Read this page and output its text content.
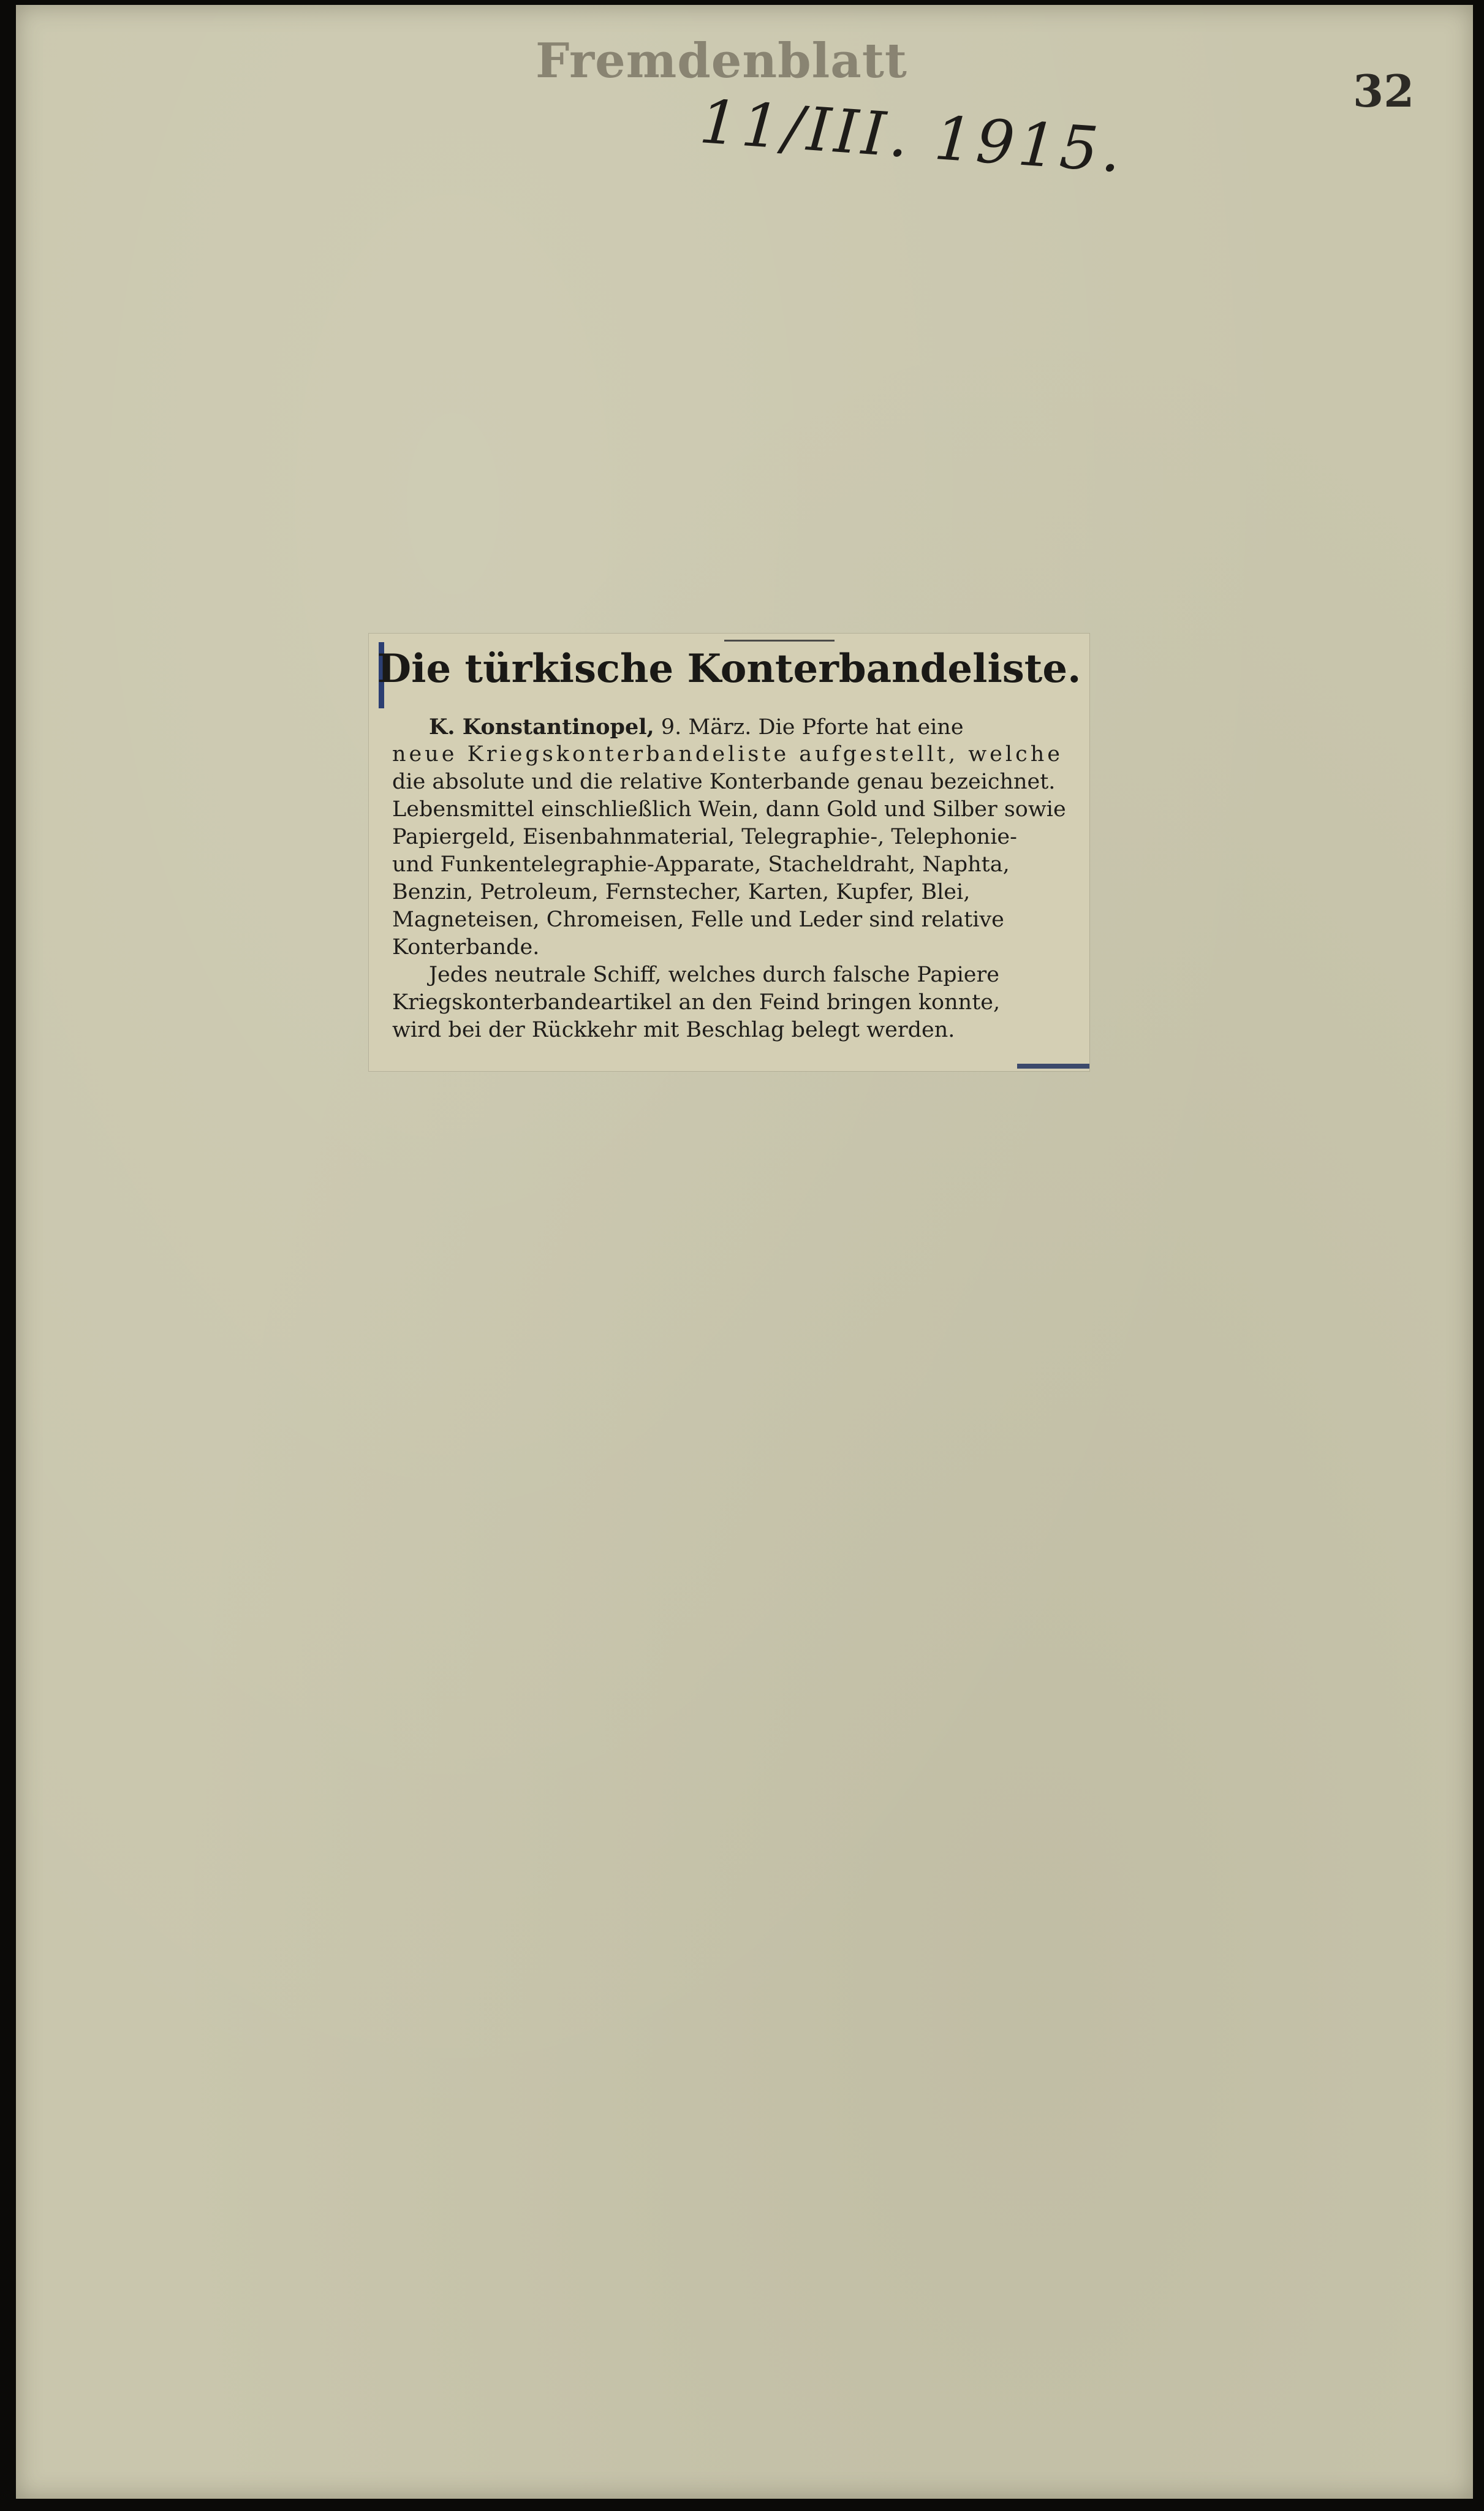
Fremdenblatt
11/III. 1915.	32
Die türkische Konterbandeliste.
K. Konstantinopel, 9. März. Die Pforte hat eine
neue Kriegskonterbandeliste aufgestellt, welche
die absolute und die relative Konterbande genau bezeichnet.
Lebensmittel einschließlich Wein, dann Gold und Silber sowie
Papiergeld, Eisenbahnmaterial, Telegraphie-, Telephonie-
und Funkentelegraphie-Apparate, Stacheldraht, Naphta,
Benzin, Petroleum, Fernstecher, Karten, Kupfer, Blei,
Magneteisen, Chromeisen, Felle und Leder sind relative
Konterbande.
Jedes neutrale Schiff, welches durch falsche Papiere
Kriegskonterbandeartikel an den Feind bringen konnte,
wird bei der Rückkehr mit Beschlag belegt werden.
